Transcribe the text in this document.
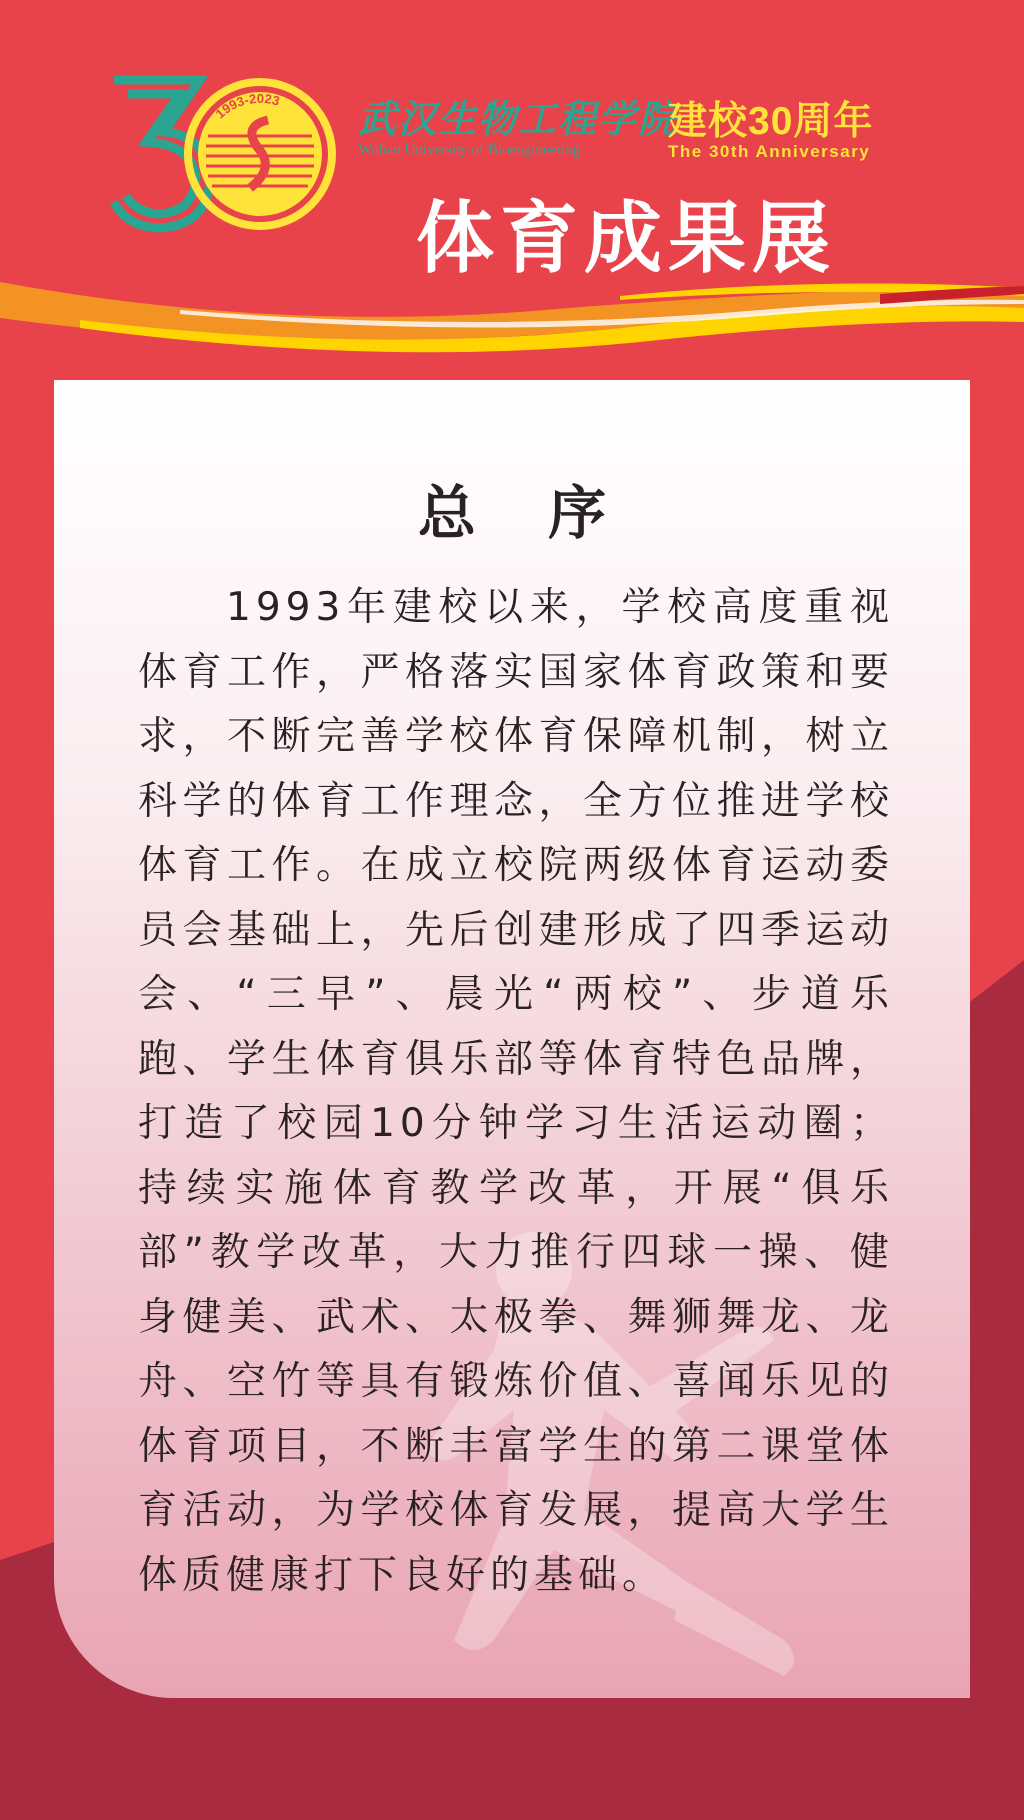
1993-2023 武汉生物工程学院
Wuhan University of Bioengineering
建校30周年
The 30th Anniversary
体育成果展
总 序

1993年建校以来，学校高度重视体育工作，严格落实国家体育政策和要求，不断完善学校体育保障机制，树立科学的体育工作理念，全方位推进学校体育工作。在成立校院两级体育运动委员会基础上，先后创建形成了四季运动会、“三早”、晨光“两校”、步道乐跑、学生体育俱乐部等体育特色品牌，打造了校园10分钟学习生活运动圈；持续实施体育教学改革，开展“俱乐部”教学改革，大力推行四球一操、健身健美、武术、太极拳、舞狮舞龙、龙舟、空竹等具有锻炼价值、喜闻乐见的体育项目，不断丰富学生的第二课堂体育活动，为学校体育发展，提高大学生体质健康打下良好的基础。
